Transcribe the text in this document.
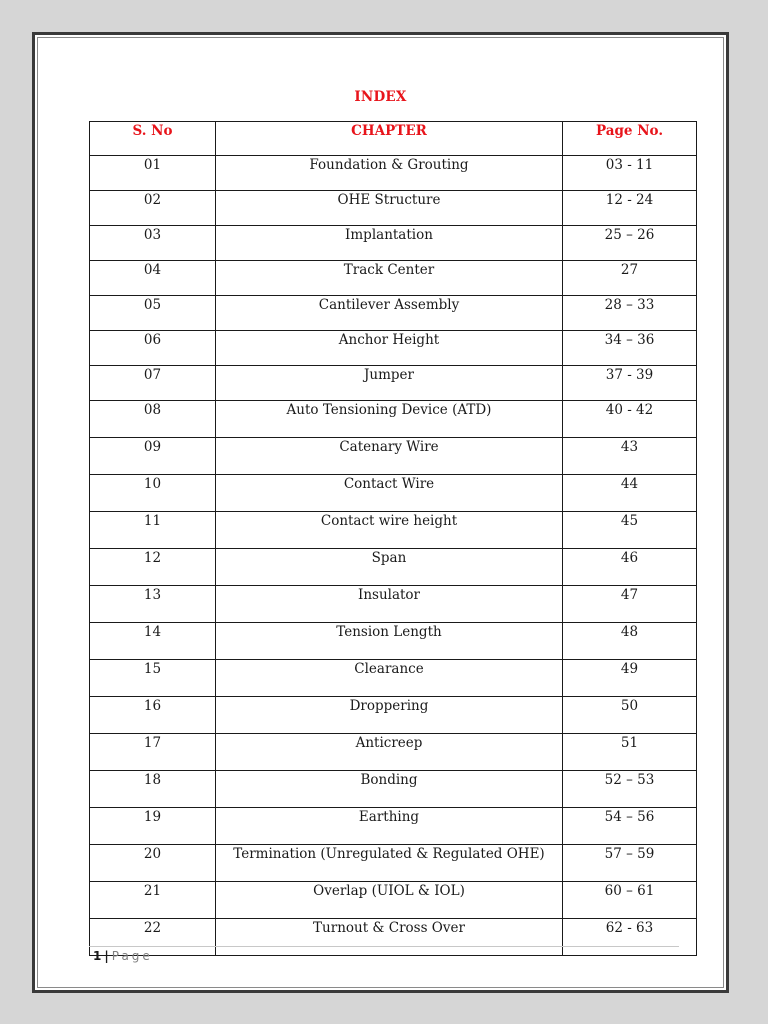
INDEX
S. No	CHAPTER	Page No.
01	Foundation & Grouting	03 - 11
02	OHE Structure	12 - 24
03	Implantation	25 – 26
04	Track Center	27
05	Cantilever Assembly	28 – 33
06	Anchor Height	34 – 36
07	Jumper	37 - 39
08	Auto Tensioning Device (ATD)	40 - 42
09	Catenary Wire	43
10	Contact Wire	44
11	Contact wire height	45
12	Span	46
13	Insulator	47
14	Tension Length	48
15	Clearance	49
16	Droppering	50
17	Anticreep	51
18	Bonding	52 – 53
19	Earthing	54 – 56
20	Termination (Unregulated & Regulated OHE)	57 – 59
21	Overlap (UIOL & IOL)	60 – 61
22	Turnout & Cross Over	62 - 63
1 | Page
